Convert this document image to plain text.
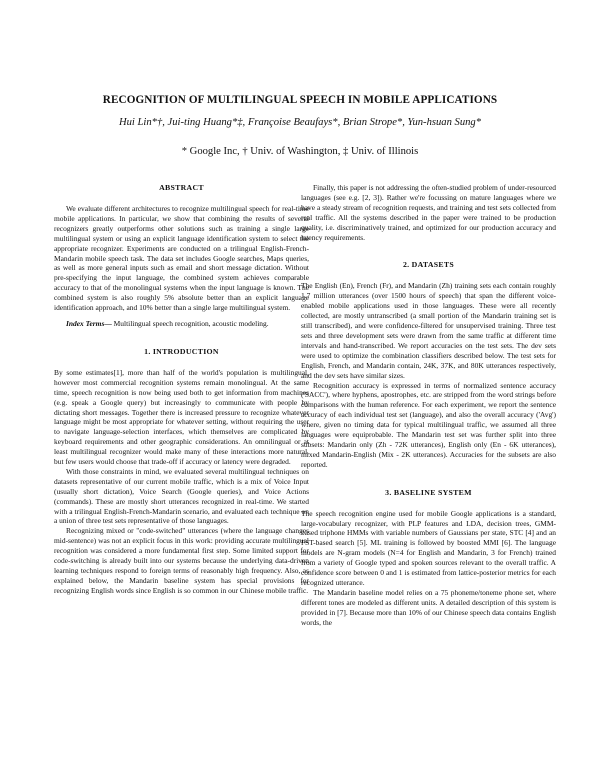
RECOGNITION OF MULTILINGUAL SPEECH IN MOBILE APPLICATIONS
Hui Lin*†, Jui-ting Huang*‡, Françoise Beaufays*, Brian Strope*, Yun-hsuan Sung*
* Google Inc, † Univ. of Washington, ‡ Univ. of Illinois
ABSTRACT

We evaluate different architectures to recognize multilingual speech for real-time mobile applications. In particular, we show that combining the results of several recognizers greatly outperforms other solutions such as training a single large multilingual system or using an explicit language identification system to select the appropriate recognizer. Experiments are conducted on a trilingual English-French-Mandarin mobile speech task. The data set includes Google searches, Maps queries, as well as more general inputs such as email and short message dictation. Without pre-specifying the input language, the combined system achieves comparable accuracy to that of the monolingual systems when the input language is known. The combined system is also roughly 5% absolute better than an explicit language identification approach, and 10% better than a single large multilingual system.

Index Terms— Multilingual speech recognition, acoustic modeling.

1. INTRODUCTION

By some estimates[1], more than half of the world's population is multilingual, however most commercial recognition systems remain monolingual. At the same time, speech recognition is now being used both to get information from machines (e.g. speak a Google query) but increasingly to communicate with people by dictating short messages. Together there is increased pressure to recognize whatever language might be most appropriate for whatever setting, without requiring the user to navigate language-selection interfaces, which themselves are complicated by keyboard requirements and other geographic considerations. An omnilingual or at least multilingual recognizer would make many of these interactions more natural, but few users would choose that trade-off if accuracy or latency were degraded.

With those constraints in mind, we evaluated several multilingual techniques on datasets representative of our current mobile traffic, which is a mix of Voice Input (usually short dictation), Voice Search (Google queries), and Voice Actions (commands). These are mostly short utterances recognized in real-time. We started with a trilingual English-French-Mandarin scenario, and evaluated each technique on a union of three test sets representative of those languages.

Recognizing mixed or "code-switched" utterances (where the language changes mid-sentence) was not an explicit focus in this work: providing accurate multilingual recognition was considered a more fundamental first step. Some limited support for code-switching is already built into our systems because the underlying data-driven learning techniques respond to foreign terms of reasonably high frequency. Also, as explained below, the Mandarin baseline system has special provisions for recognizing English words since English is so common in our Chinese mobile traffic.

Finally, this paper is not addressing the often-studied problem of under-resourced languages (see e.g. [2, 3]). Rather we're focussing on mature languages where we have a steady stream of recognition requests, and training and test sets collected from real traffic. All the systems described in the paper were trained to be production quality, i.e. discriminatively trained, and optimized for our production accuracy and latency requirements.

2. DATASETS

The English (En), French (Fr), and Mandarin (Zh) training sets each contain roughly 1.7 million utterances (over 1500 hours of speech) that span the different voice-enabled mobile applications used in those languages. These were all recently collected, are mostly untranscribed (a small portion of the Mandarin training set is still transcribed), and were confidence-filtered for unsupervised training. Three test sets and three development sets were drawn from the same traffic at different time intervals and hand-transcribed. We report accuracies on the test sets. The dev sets were used to optimize the combination classifiers described below. The test sets for English, French, and Mandarin contain, 24K, 37K, and 80K utterances respectively, and the dev sets have similar sizes.

Recognition accuracy is expressed in terms of normalized sentence accuracy ('SACC'), where hyphens, apostrophes, etc. are stripped from the word strings before comparisons with the human reference. For each experiment, we report the sentence accuracy of each individual test set (language), and also the overall accuracy ('Avg') where, given no timing data for typical multilingual traffic, we assumed all three languages were equiprobable. The Mandarin test set was further split into three subsets: Mandarin only (Zh - 72K utterances), English only (En - 6K utterances), mixed Mandarin-English (Mix - 2K utterances). Accuracies for the subsets are also reported.

3. BASELINE SYSTEM

The speech recognition engine used for mobile Google applications is a standard, large-vocabulary recognizer, with PLP features and LDA, decision trees, GMM-based triphone HMMs with variable numbers of Gaussians per state, STC [4] and an FST-based search [5]. ML training is followed by boosted MMI [6]. The language models are N-gram models (N=4 for English and Mandarin, 3 for French) trained from a variety of Google typed and spoken sources relevant to the overall traffic. A confidence score between 0 and 1 is estimated from lattice-posterior metrics for each recognized utterance.

The Mandarin baseline model relies on a 75 phoneme/toneme phone set, where different tones are modeled as different units. A detailed description of this system is provided in [7]. Because more than 10% of our Chinese speech data contains English words, the
